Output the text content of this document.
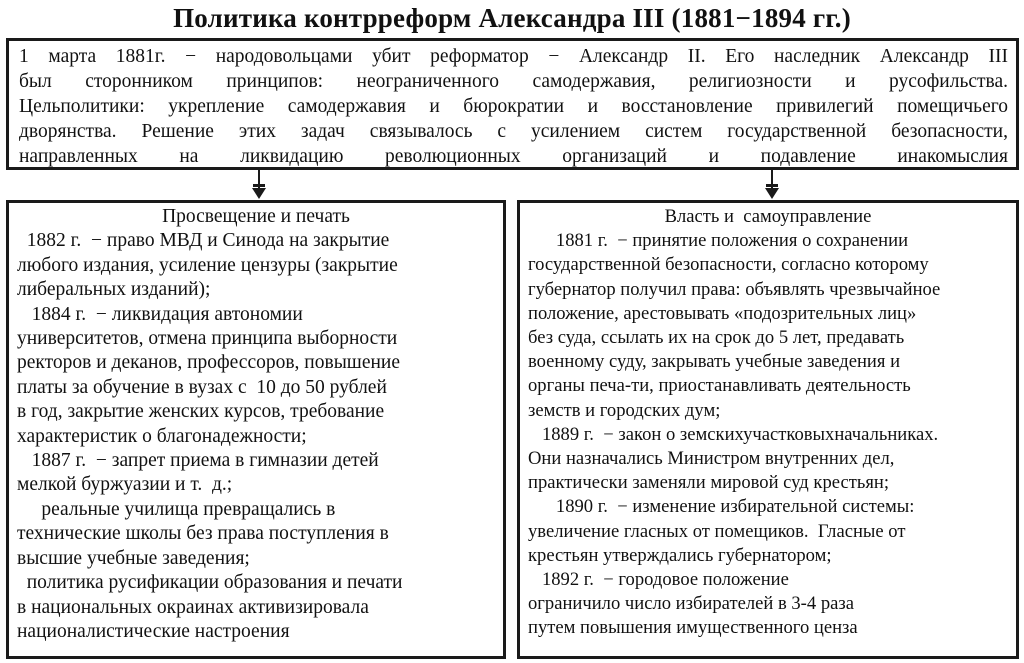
Политика контрреформ Александра III (1881−1894 гг.)
1 марта 1881г. − народовольцами убит реформатор − Александр II. Его наследник Александр III
был сторонником принципов: неограниченного самодержавия, религиозности и русофильства.
Цельполитики: укрепление самодержавия и бюрократии и восстановление привилегий помещичьего
дворянства. Решение этих задач связывалось с усилением систем государственной безопасности,
направленных на ликвидацию революционных организаций и подавление инакомыслия
Просвещение и печать
1882 г.  − право МВД и Синода на закрытие
любого издания, усиление цензуры (закрытие
либеральных изданий);
1884 г.  − ликвидация автономии
университетов, отмена принципа выборности
ректоров и деканов, профессоров, повышение
платы за обучение в вузах с  10 до 50 рублей
в год, закрытие женских курсов, требование
характеристик о благонадежности;
1887 г.  − запрет приема в гимназии детей
мелкой буржуазии и т.  д.;
реальные училища превращались в
технические школы без права поступления в
высшие учебные заведения;
политика русификации образования и печати
в национальных окраинах активизировала
националистические настроения
Власть и  самоуправление
1881 г.  − принятие положения о сохранении
государственной безопасности, согласно которому
губернатор получил права: объявлять чрезвычайное
положение, арестовывать «подозрительных лиц»
без суда, ссылать их на срок до 5 лет, предавать
военному суду, закрывать учебные заведения и
органы печа-ти, приостанавливать деятельность
земств и городских дум;
1889 г.  − закон о земскихучастковыхначальниках.
Они назначались Министром внутренних дел,
практически заменяли мировой суд крестьян;
1890 г.  − изменение избирательной системы:
увеличение гласных от помещиков.  Гласные от
крестьян утверждались губернатором;
1892 г.  − городовое положение
ограничило число избирателей в 3-4 раза
путем повышения имущественного ценза
